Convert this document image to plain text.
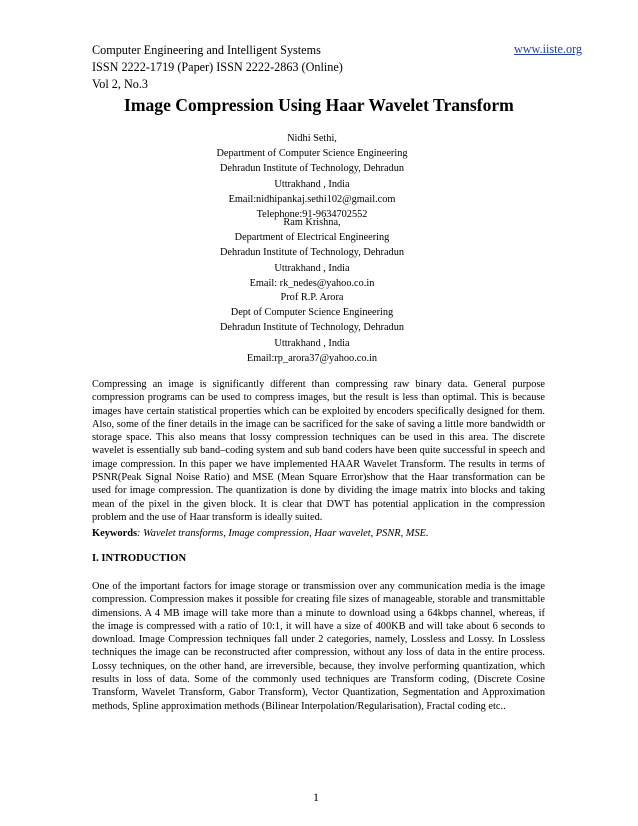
Computer Engineering and Intelligent Systems
ISSN 2222-1719 (Paper) ISSN 2222-2863 (Online)
Vol 2, No.3
www.iiste.org
Image Compression Using Haar Wavelet Transform
Nidhi Sethi,
Department of Computer Science Engineering
Dehradun Institute of Technology, Dehradun
Uttrakhand , India
Email:nidhipankaj.sethi102@gmail.com
Telephone:91-9634702552
Ram Krishna,
Department of Electrical Engineering
Dehradun Institute of Technology, Dehradun
Uttrakhand , India
Email: rk_nedes@yahoo.co.in
Prof R.P. Arora
Dept of Computer Science Engineering
Dehradun Institute of Technology, Dehradun
Uttrakhand , India
Email:rp_arora37@yahoo.co.in
Compressing an image is significantly different than compressing raw binary data. General purpose compression programs can be used to compress images, but the result is less than optimal. This is because images have certain statistical properties which can be exploited by encoders specifically designed for them. Also, some of the finer details in the image can be sacrificed for the sake of saving a little more bandwidth or storage space. This also means that lossy compression techniques can be used in this area. The discrete wavelet is essentially sub band–coding system and sub band coders have been quite successful in speech and image compression. In this paper we have implemented HAAR Wavelet Transform. The results in terms of PSNR(Peak Signal Noise Ratio) and MSE (Mean Square Error)show that the Haar transformation can be used for image compression. The quantization is done by dividing the image matrix into blocks and taking mean of the pixel in the given block. It is clear that DWT has potential application in the compression problem and the use of Haar transform is ideally suited.
Keywords: Wavelet transforms, Image compression, Haar wavelet, PSNR, MSE.
I. INTRODUCTION
One of the important factors for image storage or transmission over any communication media is the image compression. Compression makes it possible for creating file sizes of manageable, storable and transmittable dimensions. A 4 MB image will take more than a minute to download using a 64kbps channel, whereas, if the image is compressed with a ratio of 10:1, it will have a size of 400KB and will take about 6 seconds to download. Image Compression techniques fall under 2 categories, namely, Lossless and Lossy. In Lossless techniques the image can be reconstructed after compression, without any loss of data in the entire process. Lossy techniques, on the other hand, are irreversible, because, they involve performing quantization, which results in loss of data. Some of the commonly used techniques are Transform coding, (Discrete Cosine Transform, Wavelet Transform, Gabor Transform), Vector Quantization, Segmentation and Approximation methods, Spline approximation methods (Bilinear Interpolation/Regularisation), Fractal coding etc..
1
